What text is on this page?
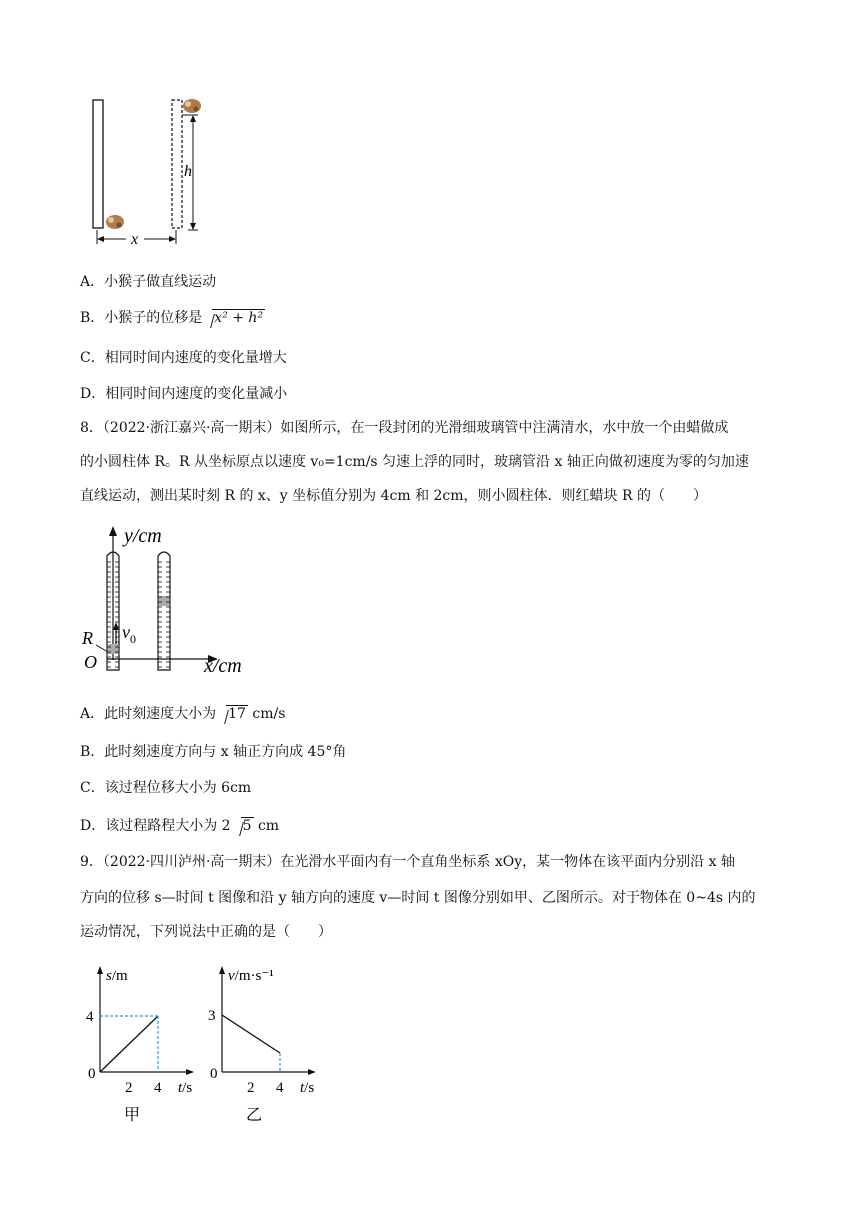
h
x
A．小猴子做直线运动
B．小猴子的位移是 x² + h²
C．相同时间内速度的变化量增大
D．相同时间内速度的变化量减小
8．（2022·浙江嘉兴·高一期末）如图所示，在一段封闭的光滑细玻璃管中注满清水，水中放一个由蜡做成
的小圆柱体 R。R 从坐标原点以速度 v₀=1cm/s 匀速上浮的同时，玻璃管沿 x 轴正向做初速度为零的匀加速
直线运动，测出某时刻 R 的 x、y 坐标值分别为 4cm 和 2cm，则小圆柱体．则红蜡块 R 的（　　）
y/cm
$v_0$
R
O	x/cm
A．此时刻速度大小为 17 cm/s
B．此时刻速度方向与 x 轴正方向成 45°角
C．该过程位移大小为 6cm
D．该过程路程大小为 2 5 cm
9．（2022·四川泸州·高一期末）在光滑水平面内有一个直角坐标系 xOy，某一物体在该平面内分别沿 x 轴
方向的位移 s—时间 t 图像和沿 y 轴方向的速度 v—时间 t 图像分别如甲、乙图所示。对于物体在 0~4s 内的
运动情况，下列说法中正确的是（　　）
s/m
t/s
0
2 4
4
甲
v/m·s⁻¹
t/s
0
2 4
3
乙
